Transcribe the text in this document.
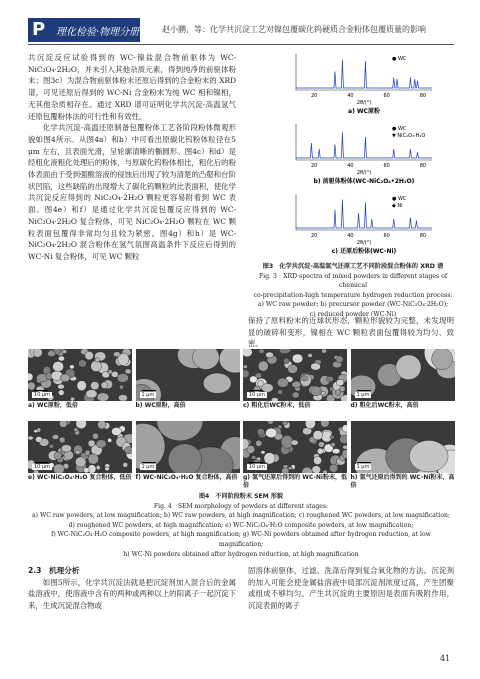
P 理化检验·物理分册	赵小鹏，等：化学共沉淀工艺对镍包覆碳化钨硬质合金粉体包覆质量的影响

共沉淀反应试验得到的 WC-镍盐混合物前驱体为 WC-NiC₂O₄·2H₂O，并未引入其他杂质元素，得到纯净的前驱体粉末；图3c）为混合物前驱体粉末还原后得到的合金粉末的 XRD 谱，可见还原后得到的 WC-Ni 合金粉末为纯 WC 相和镍相，无其他杂质相存在。通过 XRD 谱可证明化学共沉淀-高温氢气还原包覆粉体法的可行性和有效性。

化学共沉淀-高温还原制备包覆粉体工艺各阶段粉体微观形貌如图4所示。从图4a）和b）中可看出原碳化钨粉体粒径在5 μm 左右，且表面光滑，呈轮廓清晰的椭圆形。图4c）和d）是经粗化液粗化处理后的粉体，与原碳化钨粉体相比，粗化后的粉体表面由于受到强酸溶液的侵蚀后出现了较为清楚的凸壑和台阶状凹陷，这些缺陷的出现增大了碳化钨颗粒的比表面积，使化学共沉淀反应得到的 NiC₂O₄·2H₂O 颗粒更容易附着到 WC 表面。图4e）和f）是通过化学共沉淀包覆反应得到的 WC-NiC₂O₄·2H₂O 复合粉体，可见 NiC₂O₄·2H₂O 颗粒在 WC 颗粒表面包覆得非常均匀且较为紧密。图4g）和h）是 WC-NiC₂O₄·2H₂O 混合粉体在氢气氛围高温条件下反应后得到的 WC-Ni 复合粉体，可见 WC 颗粒

20	40	60	80
2θ/(°)
● WC
a) WC原粉
20	40	60	80
2θ/(°)
● WC
▼ NiC₂O₄·H₂O
b) 前驱体粉体(WC-NiC₂O₄•2H₂O)
20	40	60	80
2θ/(°)
● WC
◆ Ni
c) 还原后粉体(WC-Ni)
图3　化学共沉淀-高温氢气还原工艺不同阶段混合粉体的 XRD 谱
Fig. 3　XRD spectra of mixed powders in different stages of chemical
co-precipitation-high temperature hydrogen reduction process:
a) WC raw powder; b) precursor powder (WC-NiC₂O₄·2H₂O);
c) reduced powder (WC-Ni)

保持了原料粉末的近球状形态，颗粒形貌较为完整，未发现明显的破碎和变形，镍相在 WC 颗粒表面包覆得较为均匀、致密。

10 μm
a) WC原粉，低倍
1 μm
b) WC原粉，高倍
10 μm
c) 粗化后WC粉末，低倍
1 μm
d) 粗化后WC粉末，高倍
10 μm
e) WC-NiC₂O₄·H₂O 复合粉体，低倍
1 μm
f) WC-NiC₂O₄·H₂O 复合粉体，高倍
10 μm
g) 氢气还原后得到的 WC-Ni粉末，低倍
1 μm
h) 氢气还原后得到的 WC-Ni粉末，高倍
图4　不同阶段粉末 SEM 形貌
Fig. 4　SEM morphology of powders at different stages:
a) WC raw powders, at low magnification; b) WC raw powders, at high magnification; c) roughened WC powders, at low magnification;
d) roughened WC powders, at high magnification; e) WC-NiC₂O₄·H₂O composite powders, at low magnification;
f) WC-NiC₂O₄·H₂O composite powders, at high magnification; g) WC-Ni powders obtained after hydrogen reduction, at low magnification;
h) WC-Ni powders obtained after hydrogen reduction, at high magnification

2.3　机理分析

如图5所示，化学共沉淀法就是把沉淀剂加入混合后的金属盐溶液中，使溶液中含有的两种或两种以上的阳离子一起沉淀下来，生成沉淀混合物或

固溶体前驱体，过滤、洗涤后得到复合氧化物的方法。沉淀剂的加入可能会使金属盐溶液中局部沉淀剂浓度过高，产生团聚或组成不够均匀。产生共沉淀的主要原因是表面有吸附作用，沉淀表面的离子

41
